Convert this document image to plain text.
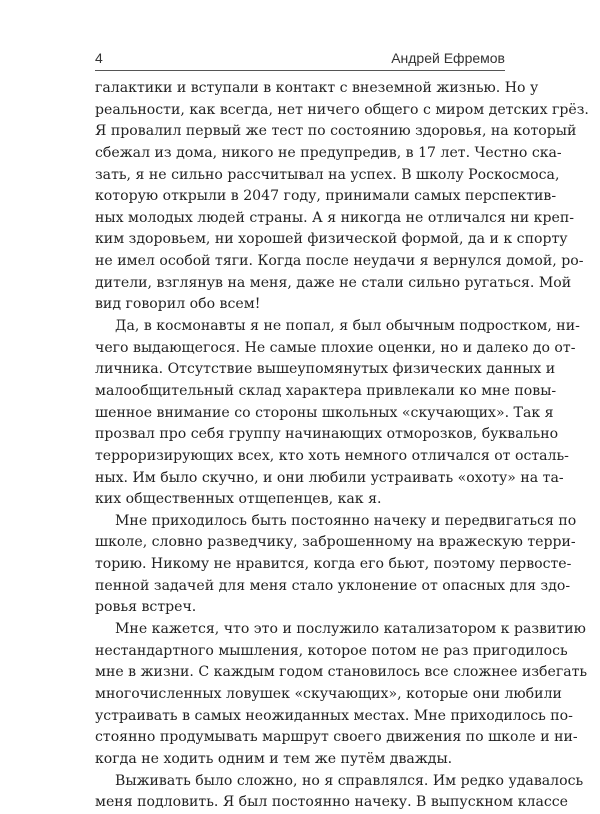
4	Андрей Ефремов
галактики и вступали в контакт с внеземной жизнью. Но у
реальности, как всегда, нет ничего общего с миром детских грёз.
Я провалил первый же тест по состоянию здоровья, на который
сбежал из дома, никого не предупредив, в 17 лет. Честно ска-
зать, я не сильно рассчитывал на успех. В школу Роскосмоса,
которую открыли в 2047 году, принимали самых перспектив-
ных молодых людей страны. А я никогда не отличался ни креп-
ким здоровьем, ни хорошей физической формой, да и к спорту
не имел особой тяги. Когда после неудачи я вернулся домой, ро-
дители, взглянув на меня, даже не стали сильно ругаться. Мой
вид говорил обо всем!
Да, в космонавты я не попал, я был обычным подростком, ни-
чего выдающегося. Не самые плохие оценки, но и далеко до от-
личника. Отсутствие вышеупомянутых физических данных и
малообщительный склад характера привлекали ко мне повы-
шенное внимание со стороны школьных «скучающих». Так я
прозвал про себя группу начинающих отморозков, буквально
терроризирующих всех, кто хоть немного отличался от осталь-
ных. Им было скучно, и они любили устраивать «охоту» на та-
ких общественных отщепенцев, как я.
Мне приходилось быть постоянно начеку и передвигаться по
школе, словно разведчику, заброшенному на вражескую терри-
торию. Никому не нравится, когда его бьют, поэтому первосте-
пенной задачей для меня стало уклонение от опасных для здо-
ровья встреч.
Мне кажется, что это и послужило катализатором к развитию
нестандартного мышления, которое потом не раз пригодилось
мне в жизни. С каждым годом становилось все сложнее избегать
многочисленных ловушек «скучающих», которые они любили
устраивать в самых неожиданных местах. Мне приходилось по-
стоянно продумывать маршрут своего движения по школе и ни-
когда не ходить одним и тем же путём дважды.
Выживать было сложно, но я справлялся. Им редко удавалось
меня подловить. Я был постоянно начеку. В выпускном классе
